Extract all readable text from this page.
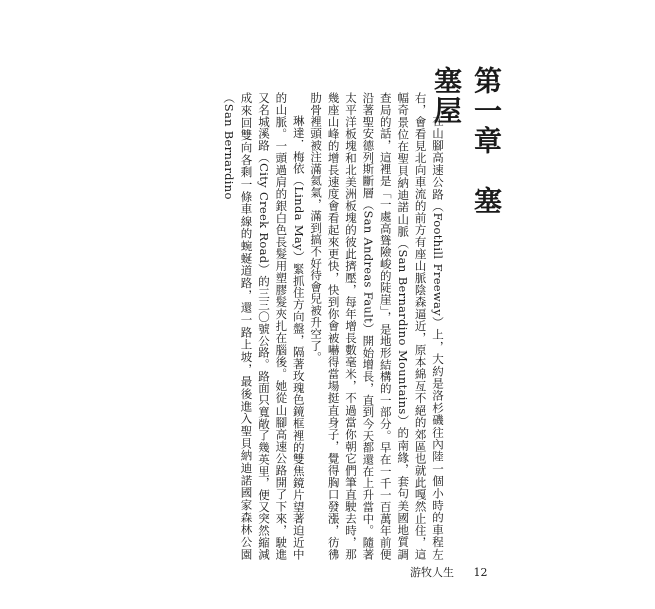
第一章　塞塞屋

在山腳高速公路（Foothill Freeway）上，大約是洛杉磯往內陸一個小時的車程左右，會看見北向車流的前方有座山脈陰森逼近，原本綿亙不絕的郊區也就此嘎然止住，這幅奇景位在聖貝納迪諾山脈（San Bernardino Mountains）的南緣，套句美國地質調查局的話，這裡是「一處高聳險峻的陡崖」，是地形結構的一部分。早在一千一百萬年前便沿著聖安德列斯斷層（San Andreas Fault）開始增長，直到今天都還在上升當中。隨著太平洋板塊和北美洲板塊的彼此擠壓，每年增長數毫米，不過當你朝它們筆直駛去時，那幾座山峰的增長速度會看起來更快，快到你會被嚇得當場挺直身子，覺得胸口發漲，彷彿肋骨裡頭被注滿氦氣，滿到搞不好待會兒被升空了。

琳達．梅依（Linda May）緊抓住方向盤，隔著玫瑰色鏡框裡的雙焦鏡片望著迫近中的山脈。一頭過肩的銀白色長髮用塑膠髮夾扎在腦後。她從山腳高速公路開了下來，駛進又名城溪路（City Creek Road）的三三〇號公路。路面只寬敞了幾英里，便又突然縮減成來回雙向各剩一條車線的蜿蜒道路，還一路上坡，最後進入聖貝納迪諾國家森林公園（San Bernardino

游牧人生 12
